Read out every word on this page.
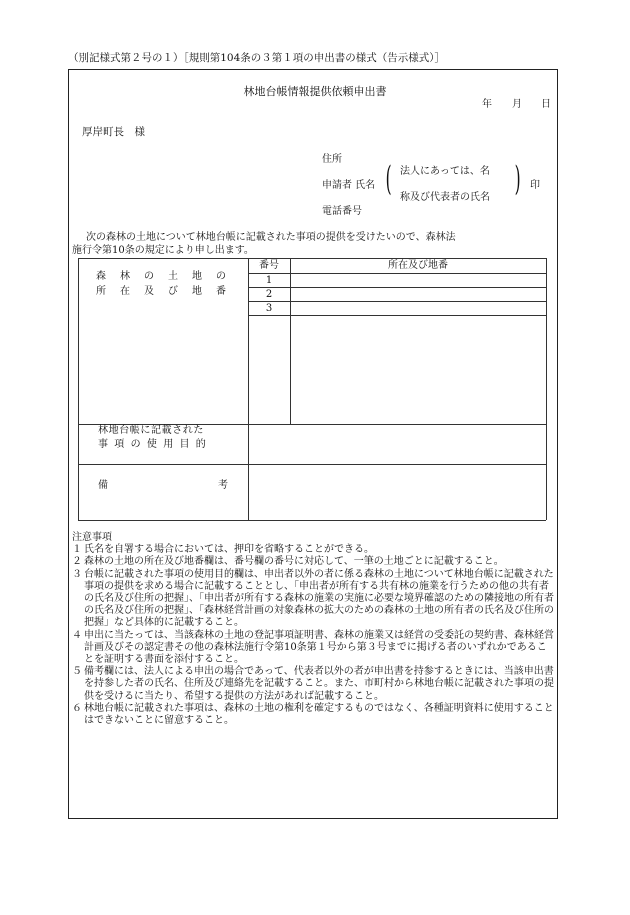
（別記様式第２号の１）［規則第104条の３第１項の申出書の様式（告示様式）］
林地台帳情報提供依頼申出書
年 月 日
厚岸町長　様
住所
申請者 氏名
電話番号
( 法人にあっては、名
称及び代表者の氏名 ) 印
次の森林の土地について林地台帳に記載された事項の提供を受けたいので、森林法
施行令第10条の規定により申し出ます。
森 林 の 土 地 の
所 在 及 び 地 番
番号	所在及び地番
1
2
3
林地台帳に記載された
事項の使用目的
備	考
注意事項
１ 氏名を自署する場合においては、押印を省略することができる。
２ 森林の土地の所在及び地番欄は、番号欄の番号に対応して、一筆の土地ごとに記載すること。
３ 台帳に記載された事項の使用目的欄は、申出者以外の者に係る森林の土地について林地台帳に記載された事項の提供を求める場合に記載することとし、「申出者が所有する共有林の施業を行うための他の共有者の氏名及び住所の把握」、「申出者が所有する森林の施業の実施に必要な境界確認のための隣接地の所有者の氏名及び住所の把握」、「森林経営計画の対象森林の拡大のための森林の土地の所有者の氏名及び住所の把握」など具体的に記載すること。
４ 申出に当たっては、当該森林の土地の登記事項証明書、森林の施業又は経営の受委託の契約書、森林経営計画及びその認定書その他の森林法施行令第10条第１号から第３号までに掲げる者のいずれかであることを証明する書面を添付すること。
５ 備考欄には、法人による申出の場合であって、代表者以外の者が申出書を持参するときには、当該申出書を持参した者の氏名、住所及び連絡先を記載すること。また、市町村から林地台帳に記載された事項の提供を受けるに当たり、希望する提供の方法があれば記載すること。
６ 林地台帳に記載された事項は、森林の土地の権利を確定するものではなく、各種証明資料に使用することはできないことに留意すること。
